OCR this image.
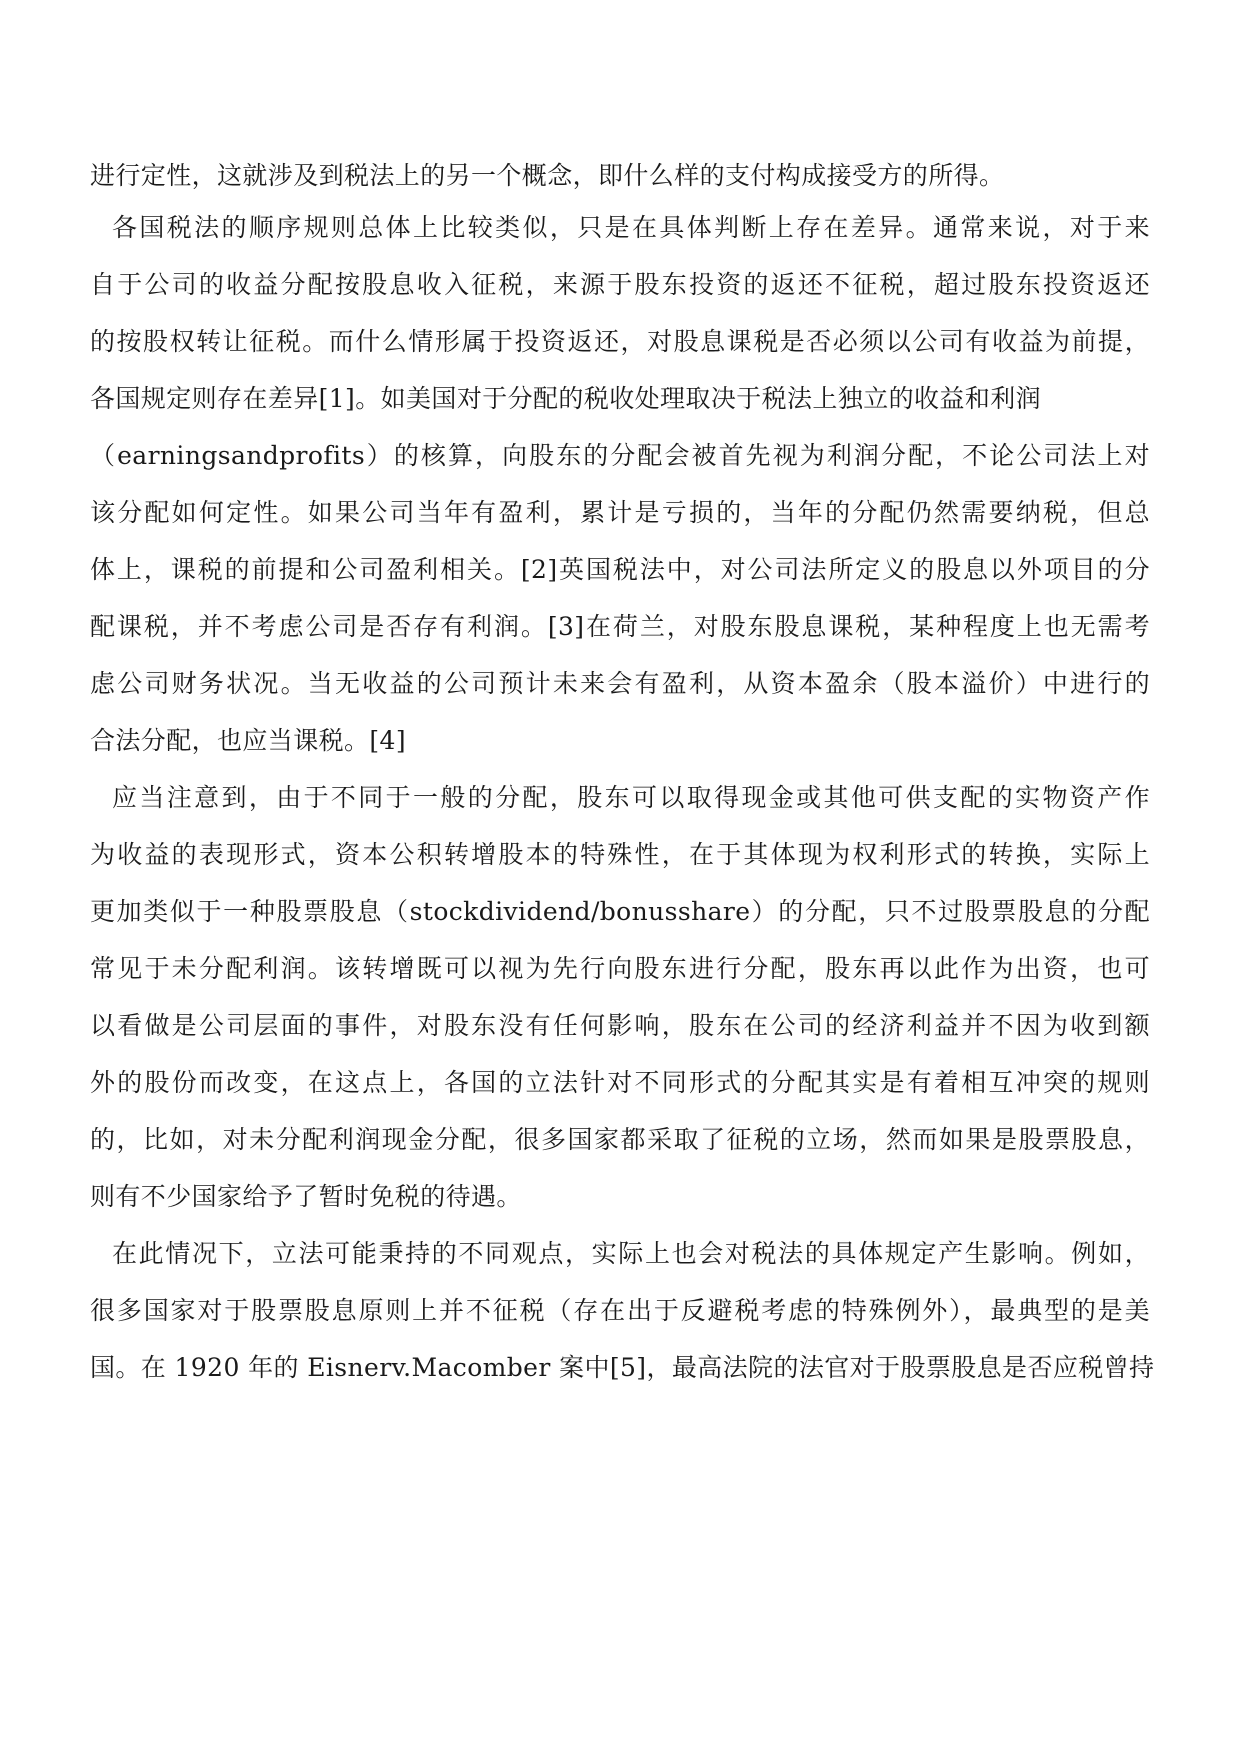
进行定性，这就涉及到税法上的另一个概念，即什么样的支付构成接受方的所得。
各国税法的顺序规则总体上比较类似，只是在具体判断上存在差异。通常来说，对于来
自于公司的收益分配按股息收入征税，来源于股东投资的返还不征税，超过股东投资返还
的按股权转让征税。而什么情形属于投资返还，对股息课税是否必须以公司有收益为前提，
各国规定则存在差异[1]。如美国对于分配的税收处理取决于税法上独立的收益和利润
（earningsandprofits）的核算，向股东的分配会被首先视为利润分配，不论公司法上对
该分配如何定性。如果公司当年有盈利，累计是亏损的，当年的分配仍然需要纳税，但总
体上，课税的前提和公司盈利相关。[2]英国税法中，对公司法所定义的股息以外项目的分
配课税，并不考虑公司是否存有利润。[3]在荷兰，对股东股息课税，某种程度上也无需考
虑公司财务状况。当无收益的公司预计未来会有盈利，从资本盈余（股本溢价）中进行的
合法分配，也应当课税。[4]
应当注意到，由于不同于一般的分配，股东可以取得现金或其他可供支配的实物资产作
为收益的表现形式，资本公积转增股本的特殊性，在于其体现为权利形式的转换，实际上
更加类似于一种股票股息（stockdividend/bonusshare）的分配，只不过股票股息的分配
常见于未分配利润。该转增既可以视为先行向股东进行分配，股东再以此作为出资，也可
以看做是公司层面的事件，对股东没有任何影响，股东在公司的经济利益并不因为收到额
外的股份而改变，在这点上，各国的立法针对不同形式的分配其实是有着相互冲突的规则
的，比如，对未分配利润现金分配，很多国家都采取了征税的立场，然而如果是股票股息，
则有不少国家给予了暂时免税的待遇。
在此情况下，立法可能秉持的不同观点，实际上也会对税法的具体规定产生影响。例如，
很多国家对于股票股息原则上并不征税（存在出于反避税考虑的特殊例外），最典型的是美
国。在 1920 年的 Eisnerv.Macomber 案中[5]，最高法院的法官对于股票股息是否应税曾持
